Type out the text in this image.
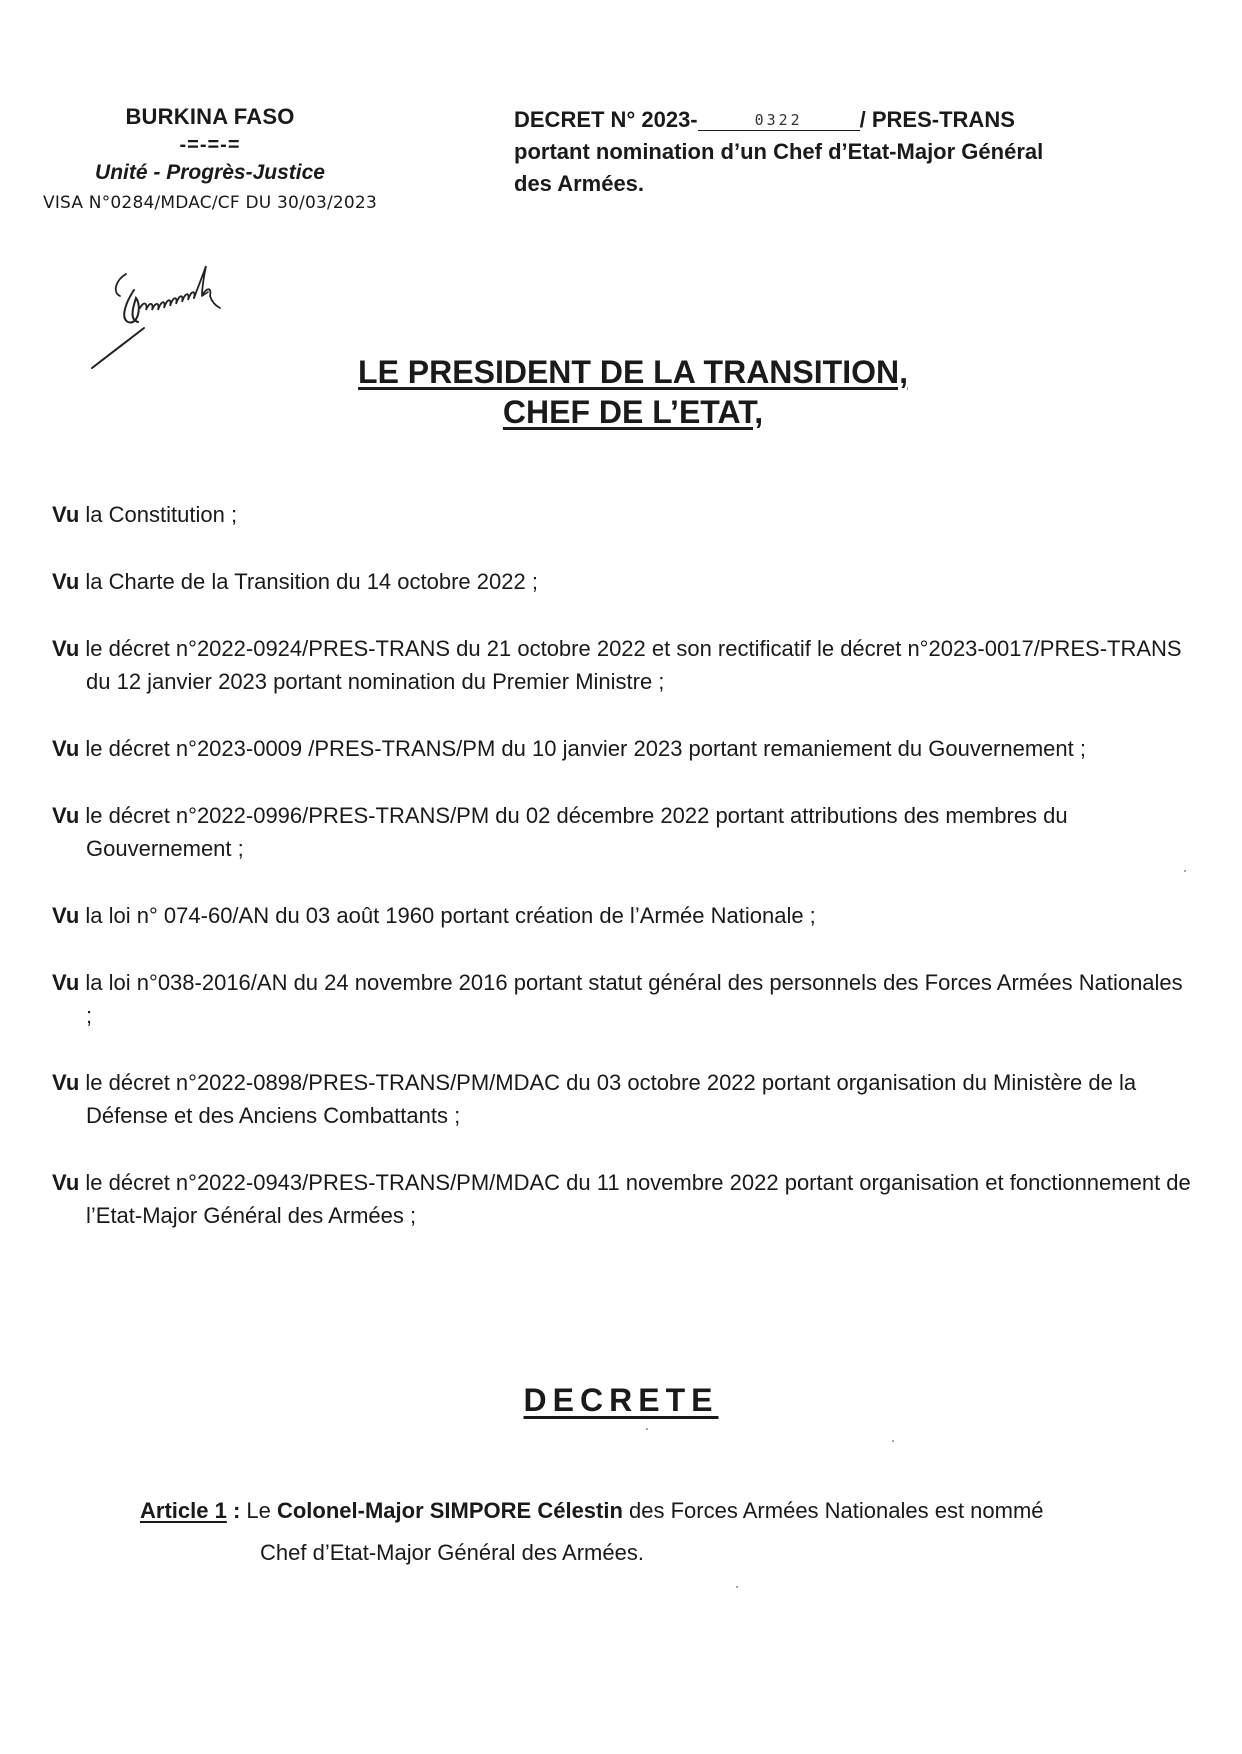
BURKINA FASO
-=-=-=
Unité - Progrès-Justice
VISA N°0284/MDAC/CF DU 30/03/2023
DECRET N° 2023-	0322	/ PRES-TRANS
portant nomination d’un Chef d’Etat-Major Général
des Armées.
LE PRESIDENT DE LA TRANSITION,
CHEF DE L’ETAT,
Vu la Constitution ;
Vu la Charte de la Transition du 14 octobre 2022 ;
Vu le décret n°2022-0924/PRES-TRANS du 21 octobre 2022 et son rectificatif le décret n°2023-0017/PRES-TRANS du 12 janvier 2023 portant nomination du Premier Ministre ;
Vu le décret n°2023-0009 /PRES-TRANS/PM du 10 janvier 2023 portant remaniement du Gouvernement ;
Vu le décret n°2022-0996/PRES-TRANS/PM du 02 décembre 2022 portant attributions des membres du Gouvernement ;
Vu la loi n° 074-60/AN du 03 août 1960 portant création de l’Armée Nationale ;
Vu la loi n°038-2016/AN du 24 novembre 2016 portant statut général des personnels des Forces Armées Nationales ;
Vu le décret n°2022-0898/PRES-TRANS/PM/MDAC du 03 octobre 2022 portant organisation du Ministère de la Défense et des Anciens Combattants ;
Vu le décret n°2022-0943/PRES-TRANS/PM/MDAC du 11 novembre 2022 portant organisation et fonctionnement de l’Etat-Major Général des Armées ;
DECRETE
Article 1 : Le Colonel-Major SIMPORE Célestin des Forces Armées Nationales est nommé
Chef d’Etat-Major Général des Armées.
